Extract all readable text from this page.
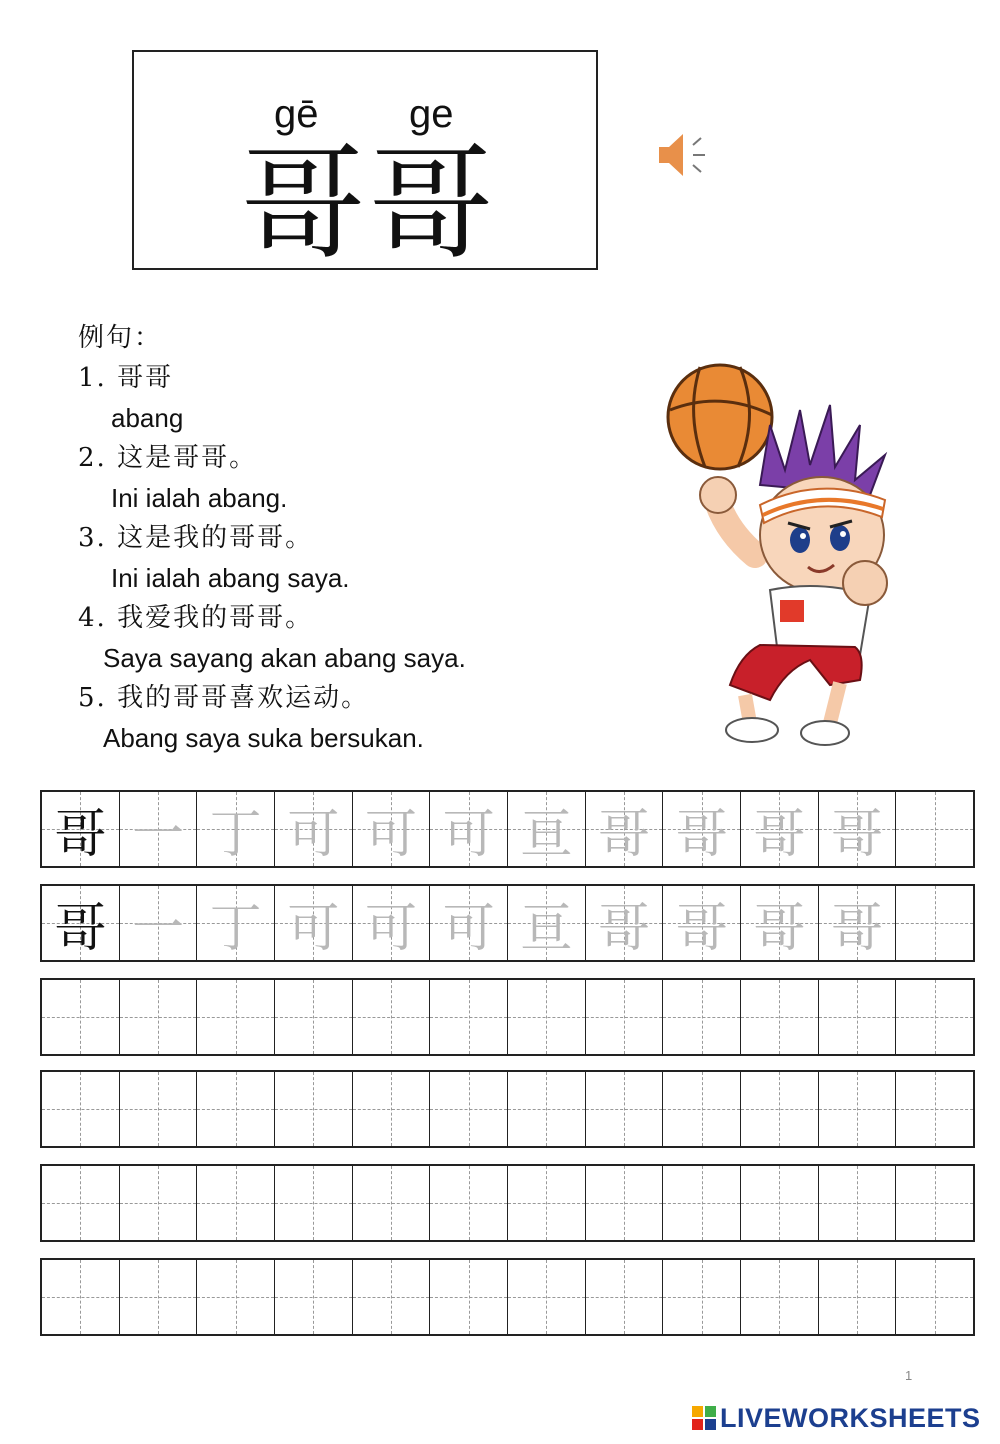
gē ge
哥哥
例句：
1. 哥哥
abang
2. 这是哥哥。
Ini ialah abang.
3. 这是我的哥哥。
Ini ialah abang saya.
4. 我爱我的哥哥。
Saya sayang akan abang saya.
5. 我的哥哥喜欢运动。
Abang saya suka bersukan.
哥 一 丁 可 可 可 亘 哥 哥 哥 哥
哥 一 丁 可 可 可 亘 哥 哥 哥 哥
1
LIVEWORKSHEETS
